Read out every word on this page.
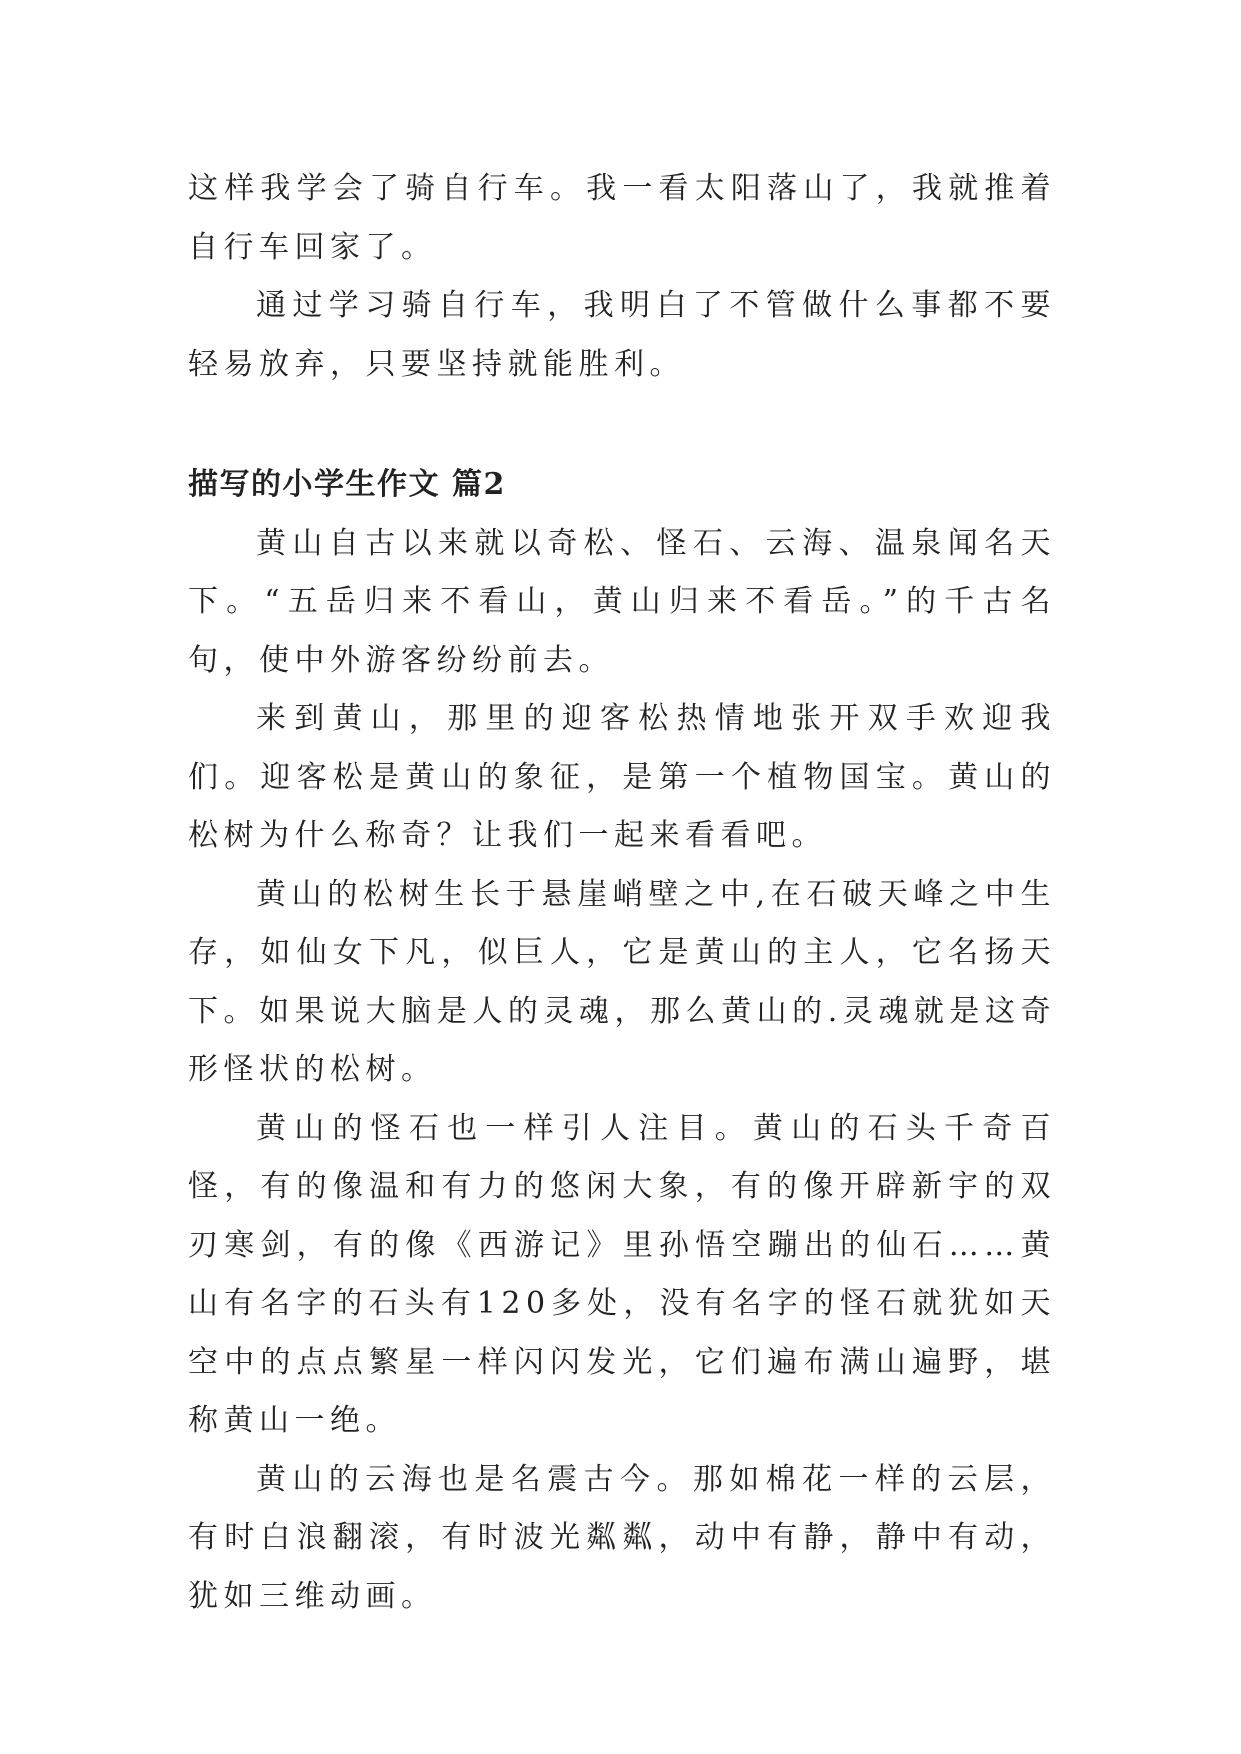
这样我学会了骑自行车。我一看太阳落山了，我就推着自行车回家了。

通过学习骑自行车，我明白了不管做什么事都不要轻易放弃，只要坚持就能胜利。

描写的小学生作文 篇2

黄山自古以来就以奇松、怪石、云海、温泉闻名天下。“五岳归来不看山，黄山归来不看岳。”的千古名句，使中外游客纷纷前去。

来到黄山，那里的迎客松热情地张开双手欢迎我们。迎客松是黄山的象征，是第一个植物国宝。黄山的松树为什么称奇？让我们一起来看看吧。

黄山的松树生长于悬崖峭壁之中,在石破天峰之中生存，如仙女下凡，似巨人，它是黄山的主人，它名扬天下。如果说大脑是人的灵魂，那么黄山的.灵魂就是这奇形怪状的松树。

黄山的怪石也一样引人注目。黄山的石头千奇百怪，有的像温和有力的悠闲大象，有的像开辟新宇的双刃寒剑，有的像《西游记》里孙悟空蹦出的仙石……黄山有名字的石头有120多处，没有名字的怪石就犹如天空中的点点繁星一样闪闪发光，它们遍布满山遍野，堪称黄山一绝。

黄山的云海也是名震古今。那如棉花一样的云层，有时白浪翻滚，有时波光粼粼，动中有静，静中有动，犹如三维动画。
